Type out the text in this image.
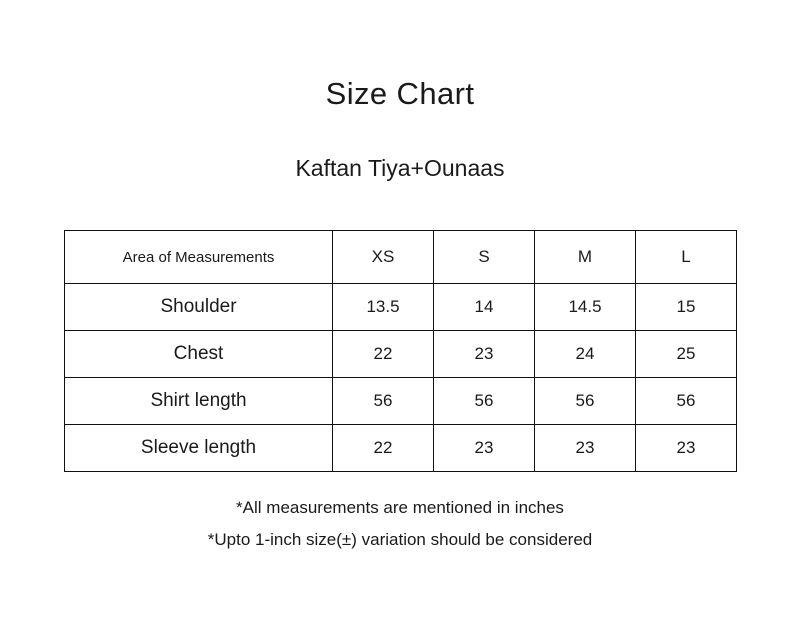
Size Chart
Kaftan Tiya+Ounaas
Area of Measurements	XS	S	M	L
Shoulder	13.5	14	14.5	15
Chest	22	23	24	25
Shirt length	56	56	56	56
Sleeve length	22	23	23	23
*All measurements are mentioned in inches
*Upto 1-inch size(±) variation should be considered
